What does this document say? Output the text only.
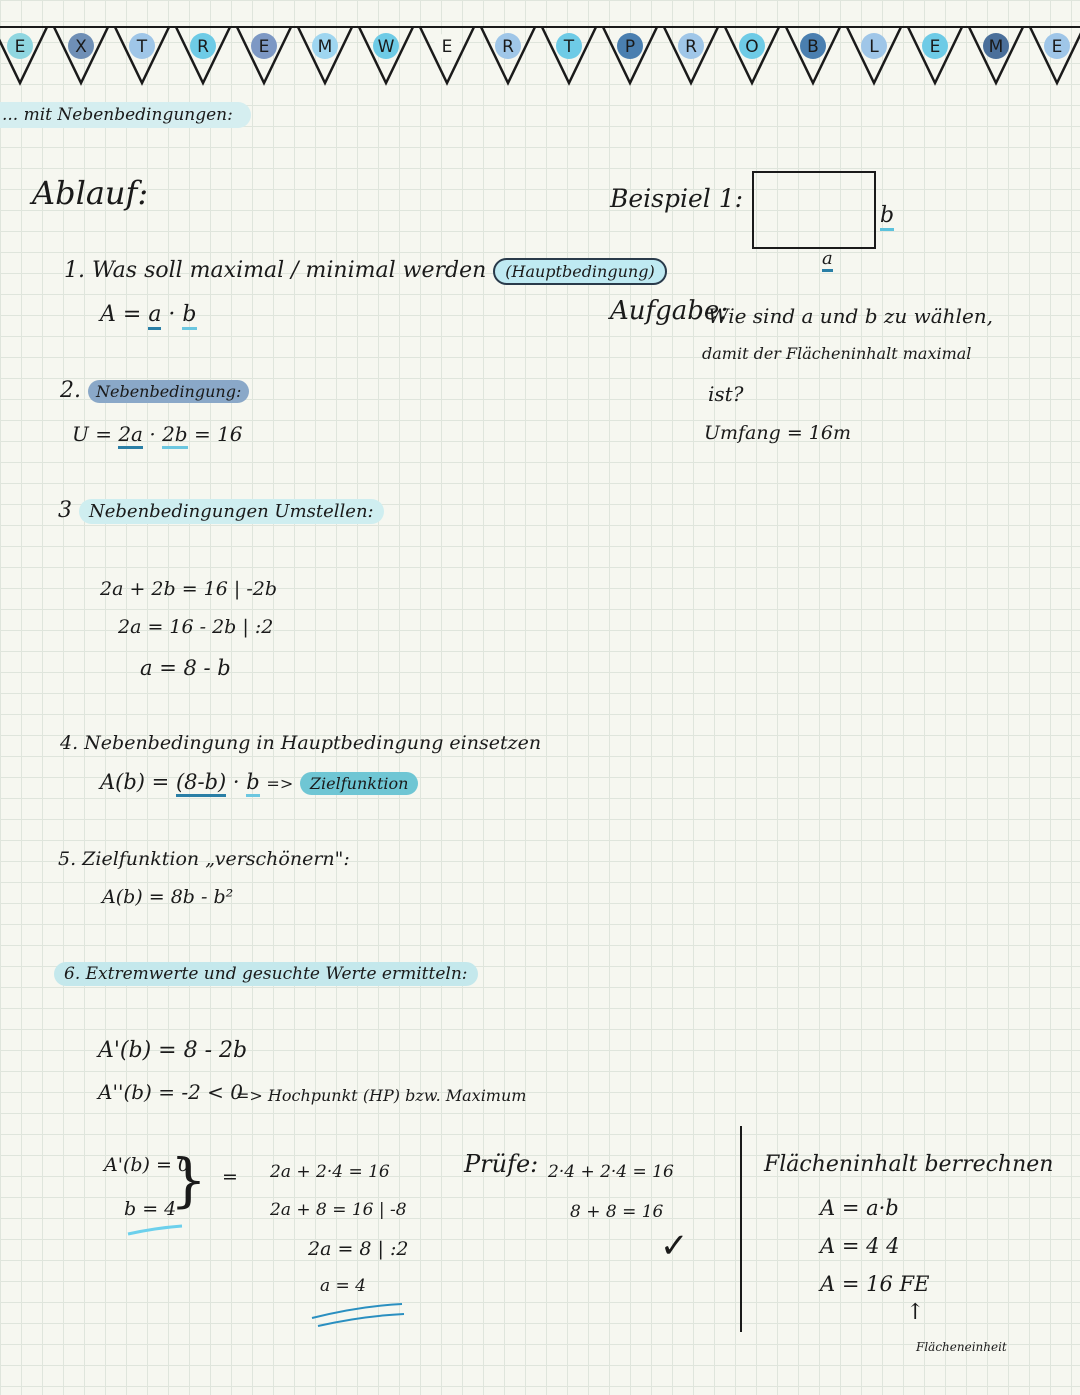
E	X	T	R	E	M	W	E	R	T	P	R	O	B	L	E	M	E
... mit Nebenbedingungen:
Ablauf:
1. Was soll maximal / minimal werden (Hauptbedingung)
A = a · b
2. Nebenbedingung:
U = 2a · 2b = 16
3 Nebenbedingungen Umstellen:
2a + 2b = 16 | -2b
2a = 16 - 2b | :2
a = 8 - b
4. Nebenbedingung in Hauptbedingung einsetzen
A(b) = (8-b) · b => Zielfunktion
5. Zielfunktion „verschönern":
A(b) = 8b - b²
6. Extremwerte und gesuchte Werte ermitteln:
A'(b) = 8 - 2b
A''(b) = -2 < 0
=> Hochpunkt (HP) bzw. Maximum
A'(b) = 0
b = 4
} = 2a + 2·4 = 16
2a + 8 = 16 | -8
2a = 8 | :2
a = 4
Prüfe: 2·4 + 2·4 = 16
8 + 8 = 16
✓
Flächeninhalt berrechnen
A = a·b
A = 4 4
A = 16 FE
↑
Flächeneinheit
Beispiel 1:
b
a
Aufgabe:
Wie sind a und b zu wählen,
damit der Flächeninhalt maximal
ist?
Umfang = 16m
